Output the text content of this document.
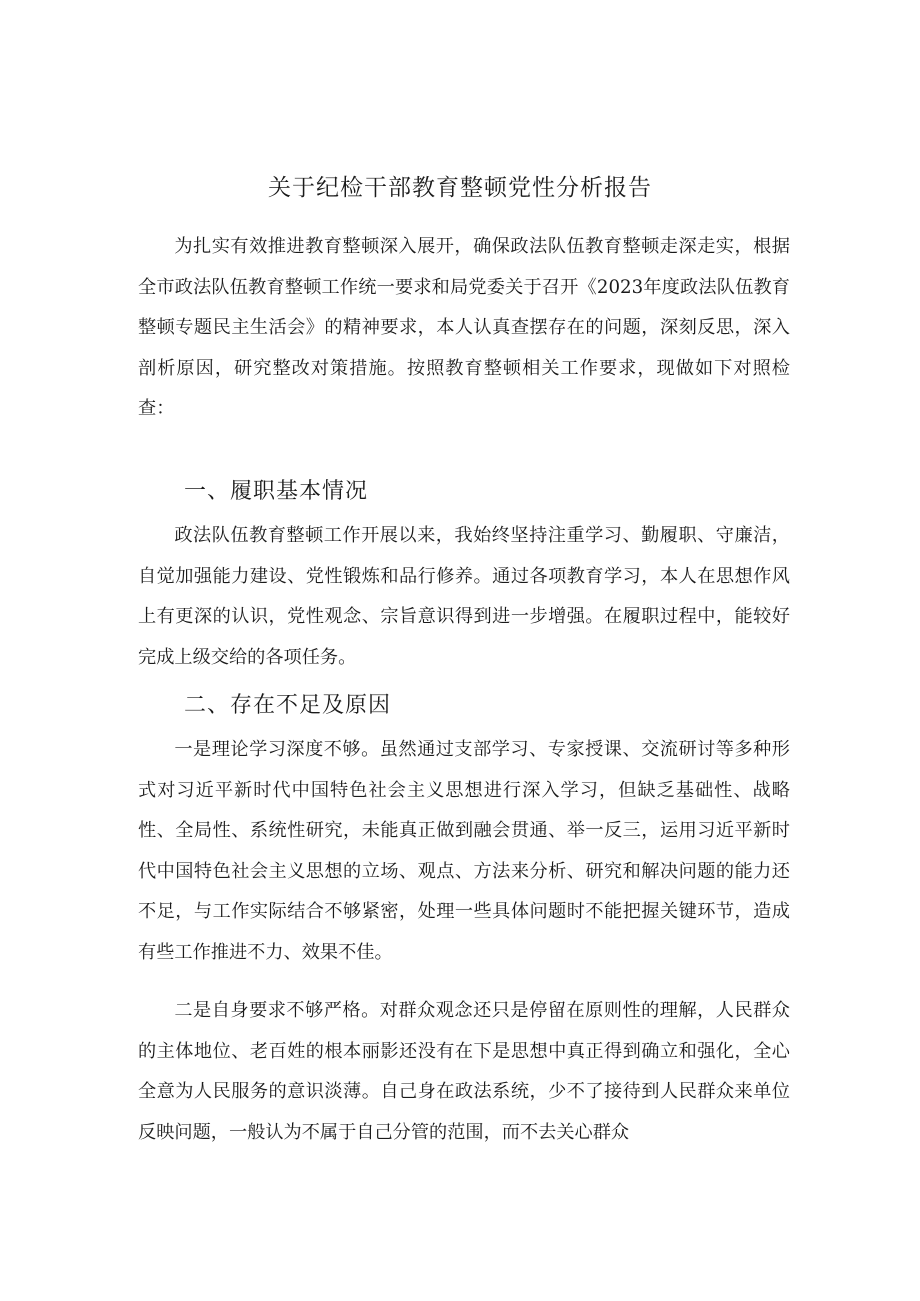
关于纪检干部教育整顿党性分析报告

为扎实有效推进教育整顿深入展开，确保政法队伍教育整顿走深走实，根据全市政法队伍教育整顿工作统一要求和局党委关于召开《2023年度政法队伍教育整顿专题民主生活会》的精神要求，本人认真查摆存在的问题，深刻反思，深入剖析原因，研究整改对策措施。按照教育整顿相关工作要求，现做如下对照检查：

一、履职基本情况

政法队伍教育整顿工作开展以来，我始终坚持注重学习、勤履职、守廉洁，自觉加强能力建设、党性锻炼和品行修养。通过各项教育学习，本人在思想作风上有更深的认识，党性观念、宗旨意识得到进一步增强。在履职过程中，能较好完成上级交给的各项任务。

二、存在不足及原因

一是理论学习深度不够。虽然通过支部学习、专家授课、交流研讨等多种形式对习近平新时代中国特色社会主义思想进行深入学习，但缺乏基础性、战略性、全局性、系统性研究，未能真正做到融会贯通、举一反三，运用习近平新时代中国特色社会主义思想的立场、观点、方法来分析、研究和解决问题的能力还不足，与工作实际结合不够紧密，处理一些具体问题时不能把握关键环节，造成有些工作推进不力、效果不佳。

二是自身要求不够严格。对群众观念还只是停留在原则性的理解，人民群众的主体地位、老百姓的根本丽影还没有在下是思想中真正得到确立和强化，全心全意为人民服务的意识淡薄。自己身在政法系统，少不了接待到人民群众来单位反映问题，一般认为不属于自己分管的范围，而不去关心群众
